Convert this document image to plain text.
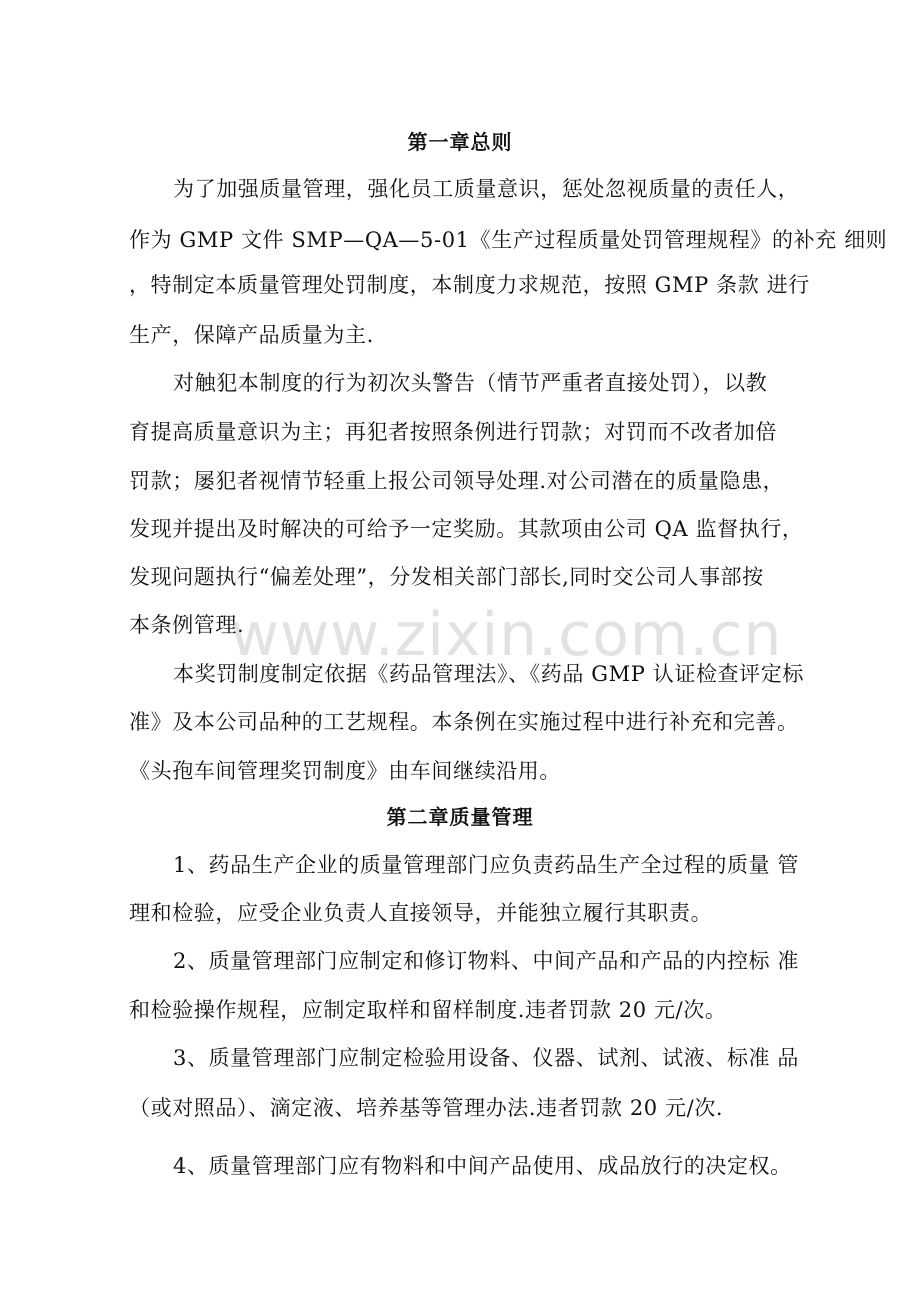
第一章总则
为了加强质量管理，强化员工质量意识，惩处忽视质量的责任人，
作为 GMP 文件 SMP—QA—5-01《生产过程质量处罚管理规程》的补充 细则
，特制定本质量管理处罚制度，本制度力求规范，按照 GMP 条款 进行
生产，保障产品质量为主.
对触犯本制度的行为初次头警告（情节严重者直接处罚），以教
育提高质量意识为主；再犯者按照条例进行罚款；对罚而不改者加倍
罚款；屡犯者视情节轻重上报公司领导处理.对公司潜在的质量隐患，
发现并提出及时解决的可给予一定奖励。其款项由公司 QA 监督执行，
发现问题执行“偏差处理”，分发相关部门部长,同时交公司人事部按
本条例管理.
本奖罚制度制定依据《药品管理法》、《药品 GMP 认证检查评定标
准》及本公司品种的工艺规程。本条例在实施过程中进行补充和完善。
《头孢车间管理奖罚制度》由车间继续沿用。
第二章质量管理
1、药品生产企业的质量管理部门应负责药品生产全过程的质量 管
理和检验，应受企业负责人直接领导，并能独立履行其职责。
2、质量管理部门应制定和修订物料、中间产品和产品的内控标 准
和检验操作规程，应制定取样和留样制度.违者罚款 20 元/次。
3、质量管理部门应制定检验用设备、仪器、试剂、试液、标准 品
（或对照品）、滴定液、培养基等管理办法.违者罚款 20 元/次.
4、质量管理部门应有物料和中间产品使用、成品放行的决定权。
www.zixin.com.cn
